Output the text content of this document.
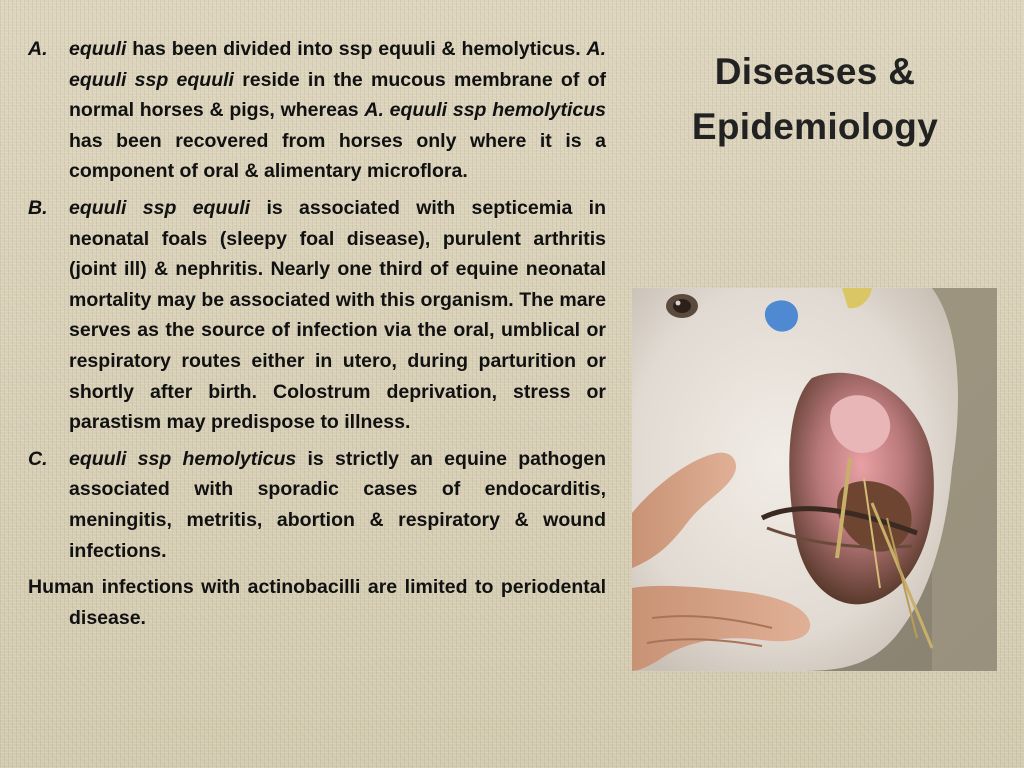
A. equuli has been divided into ssp equuli & hemolyticus. A. equuli ssp equuli reside in the mucous membrane of of normal horses & pigs, whereas A. equuli ssp hemolyticus has been recovered from horses only where it is a component of oral & alimentary microflora.
B. equuli ssp equuli is associated with septicemia in neonatal foals (sleepy foal disease), purulent arthritis (joint ill) & nephritis. Nearly one third of equine neonatal mortality may be associated with this organism. The mare serves as the source of infection via the oral, umblical or respiratory routes either in utero, during parturition or shortly after birth. Colostrum deprivation, stress or parastism may predispose to illness.
C. equuli ssp hemolyticus is strictly an equine pathogen associated with sporadic cases of endocarditis, meningitis, metritis, abortion & respiratory & wound infections.

Human infections with actinobacilli are limited to periodental disease.

Diseases & Epidemiology
